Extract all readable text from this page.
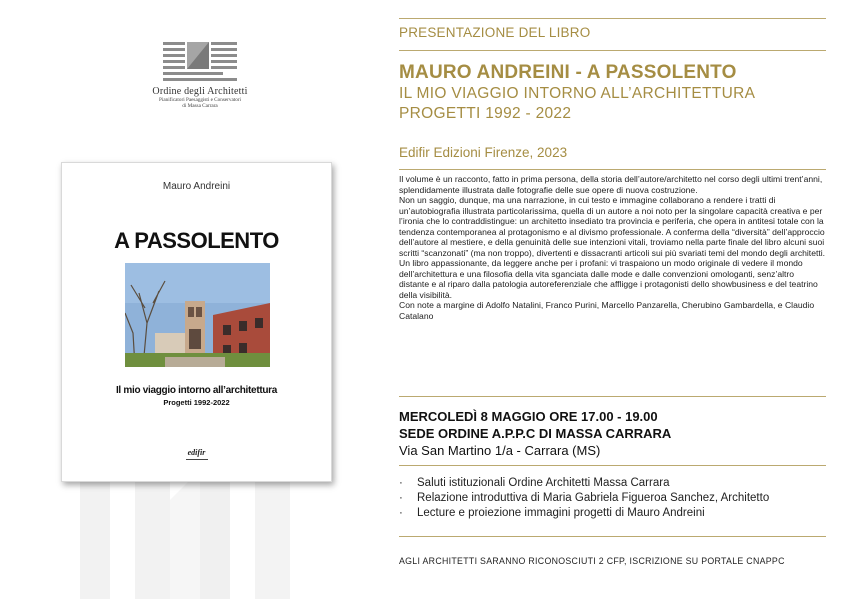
Ordine degli Architetti
Pianificatori Paesaggisti e Conservatori
di Massa Carrara
Mauro Andreini
A PASSOLENTO
Il mio viaggio intorno all’architettura
Progetti 1992-2022
edifir
PRESENTAZIONE DEL LIBRO
MAURO ANDREINI - A PASSOLENTO
IL MIO VIAGGIO INTORNO ALL’ARCHITETTURA
PROGETTI 1992 - 2022
Edifir Edizioni Firenze, 2023

Il volume è un racconto, fatto in prima persona, della storia dell’autore/architetto nel corso degli ultimi trent’anni, splendidamente illustrata dalle fotografie delle sue opere di nuova costruzione.

Non un saggio, dunque, ma una narrazione, in cui testo e immagine collaborano a rendere i tratti di un’autobiografia illustrata particolarissima, quella di un autore a noi noto per la singolare capacità creativa e per l’ironia che lo contraddistingue: un architetto insediato tra provincia e periferia, che opera in antitesi totale con la tendenza contemporanea al protagonismo e al divismo professionale. A conferma della “diversità” dell’approccio dell’autore al mestiere, e della genuinità delle sue intenzioni vitali, troviamo nella parte finale del libro alcuni suoi scritti “scanzonati” (ma non troppo), divertenti e dissacranti articoli sui più svariati temi del mondo degli architetti.

Un libro appassionante, da leggere anche per i profani: vi traspaiono un modo originale di vedere il mondo dell’architettura e una filosofia della vita sganciata dalle mode e dalle convenzioni omologanti, senz’altro distante e al riparo dalla patologia autoreferenziale che affligge i protagonisti dello showbusiness e del teatrino della visibilità.

Con note a margine di Adolfo Natalini, Franco Purini, Marcello Panzarella, Cherubino Gambardella, e Claudio Catalano

MERCOLEDÌ 8 MAGGIO ORE 17.00 - 19.00
SEDE ORDINE A.P.P.C DI MASSA CARRARA
Via San Martino 1/a - Carrara (MS)
· Saluti istituzionali Ordine Architetti Massa Carrara
· Relazione introduttiva di Maria Gabriela Figueroa Sanchez, Architetto
· Lecture e proiezione immagini progetti di Mauro Andreini
AGLI ARCHITETTI SARANNO RICONOSCIUTI 2 CFP, ISCRIZIONE SU PORTALE CNAPPC
